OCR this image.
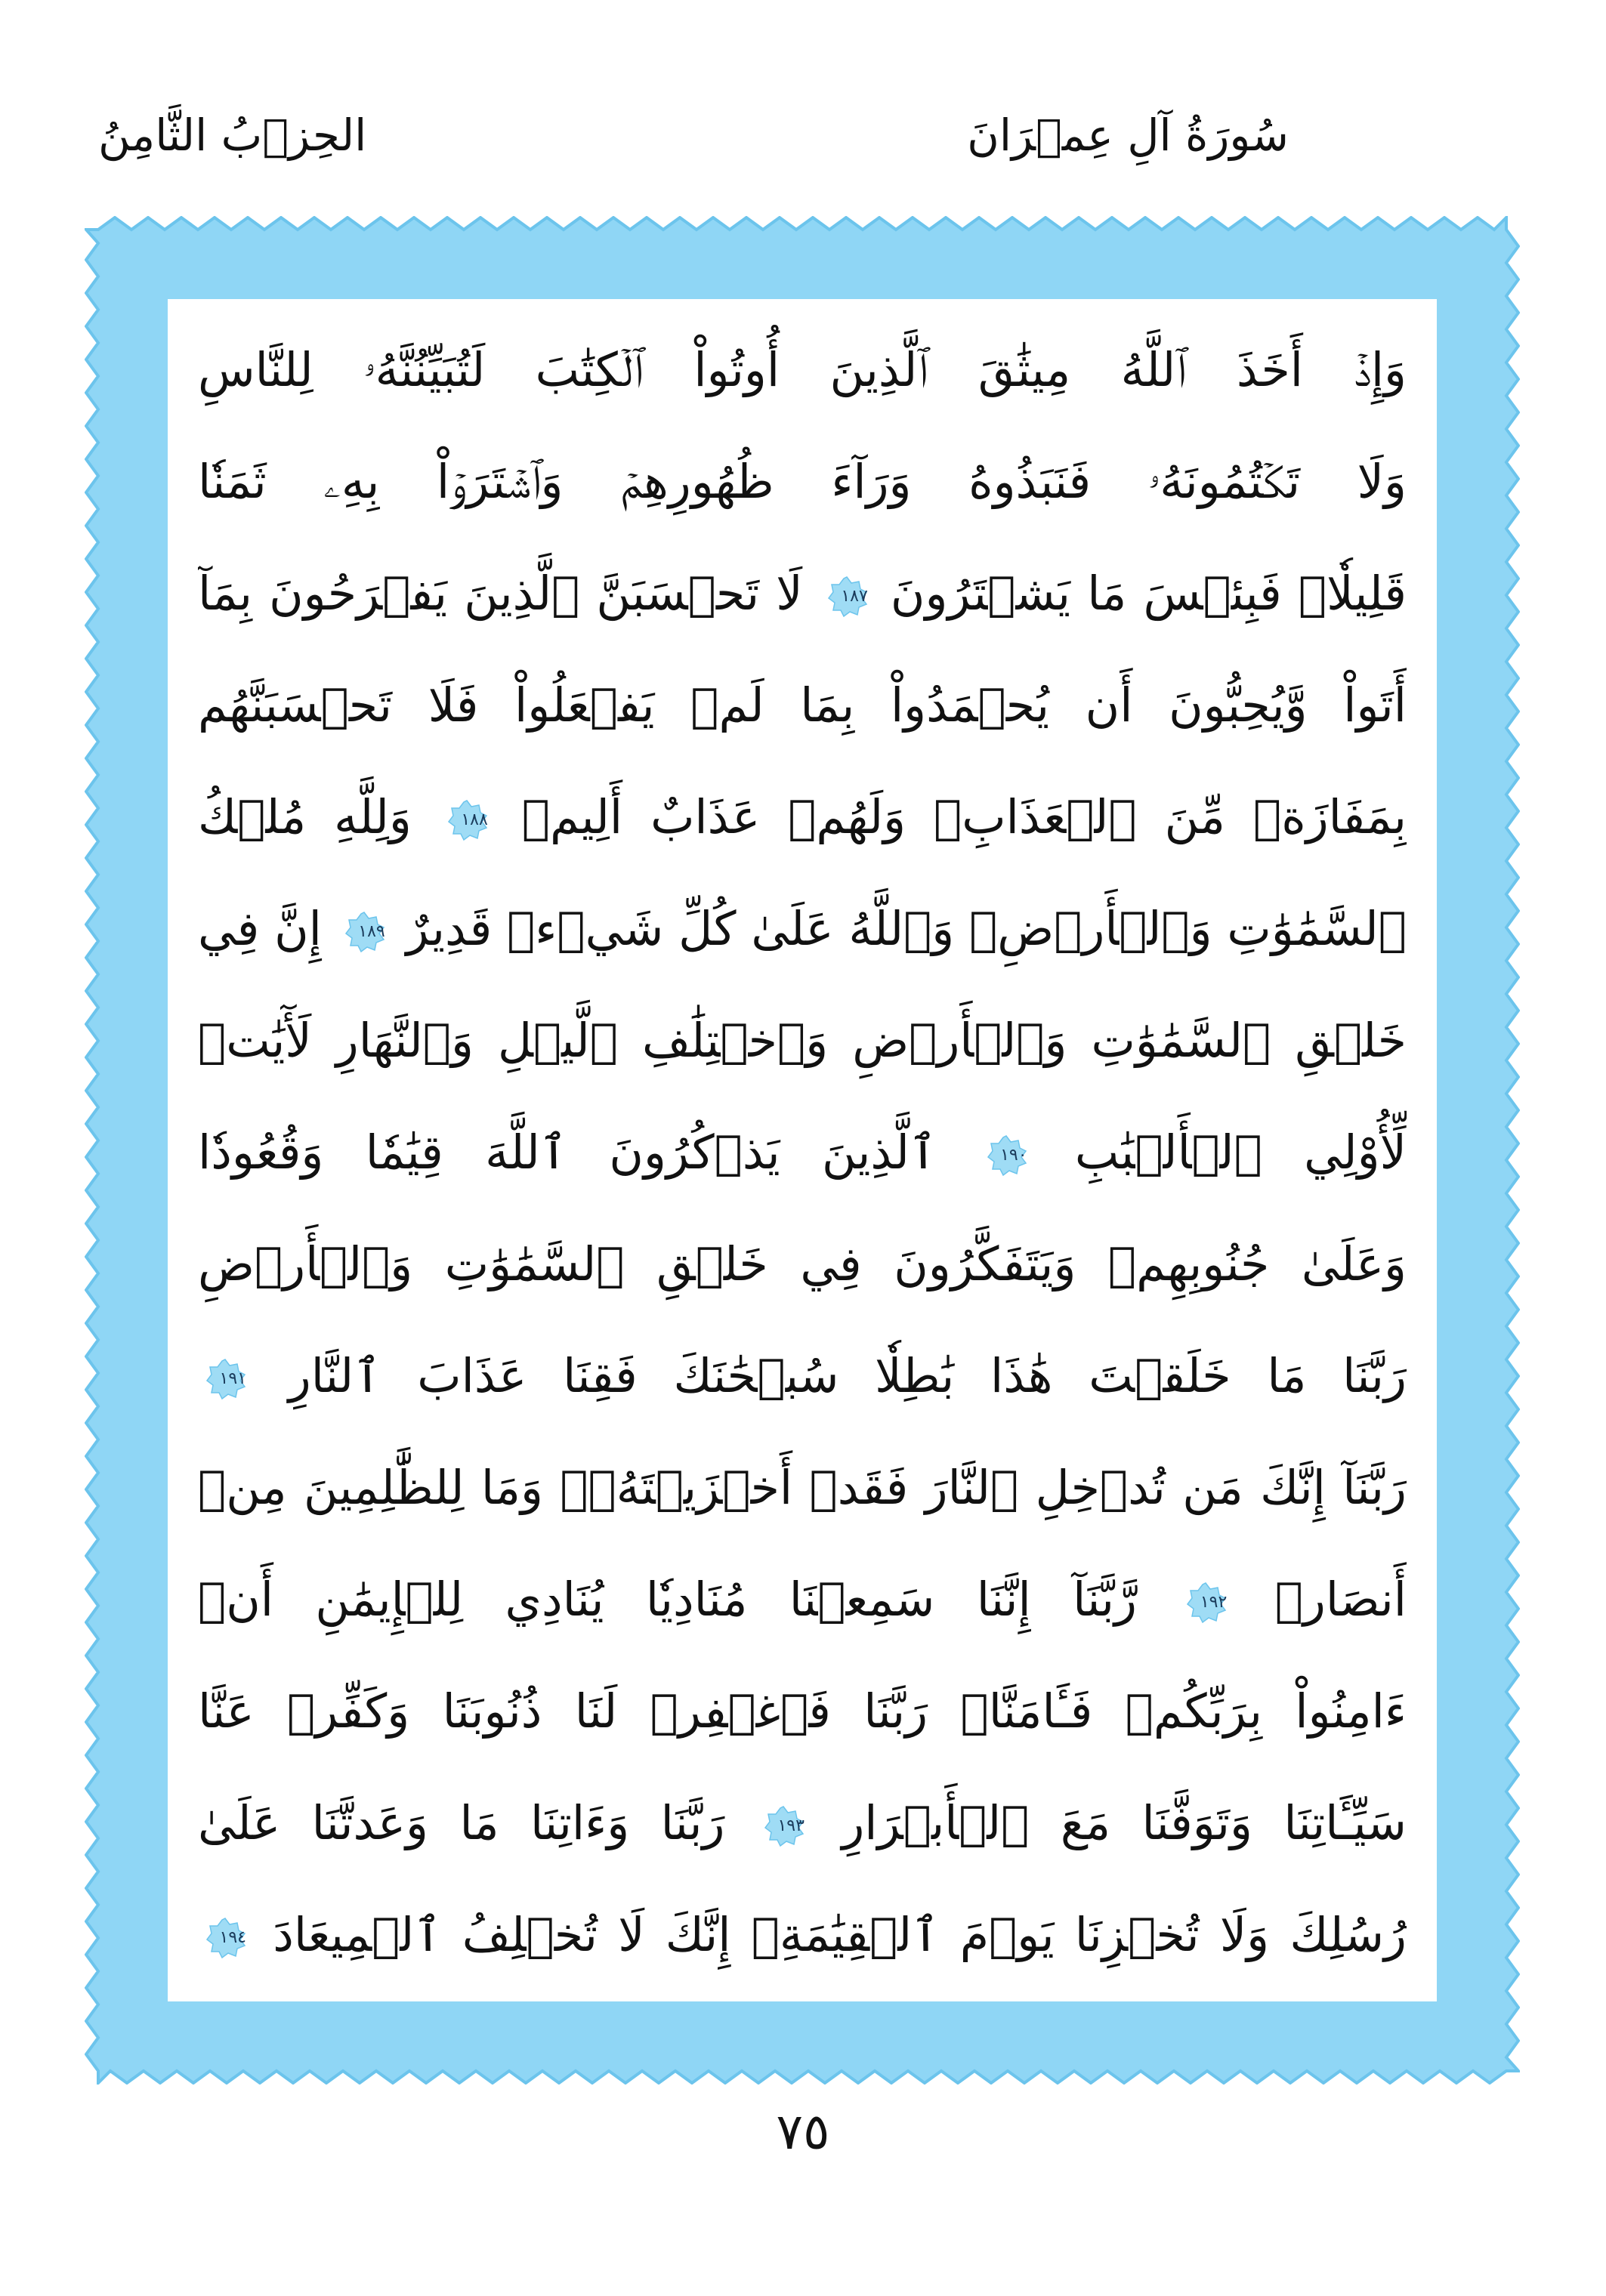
سُورَةُ آلِ عِمۡرَانَ
الحِزۡبُ الثَّامِنُ
وَإِذۡ أَخَذَ ٱللَّهُ مِيثَٰقَ ٱلَّذِينَ أُوتُواْ ٱلۡكِتَٰبَ لَتُبَيِّنُنَّهُۥ لِلنَّاسِ
وَلَا تَكۡتُمُونَهُۥ فَنَبَذُوهُ وَرَآءَ ظُهُورِهِمۡ وَٱشۡتَرَوۡاْ بِهِۦ ثَمَنٗا
قَلِيلٗاۖ فَبِئۡسَ مَا يَشۡتَرُونَ
١٨٧
لَا تَحۡسَبَنَّ ٱلَّذِينَ يَفۡرَحُونَ بِمَآ
أَتَواْ وَّيُحِبُّونَ أَن يُحۡمَدُواْ بِمَا لَمۡ يَفۡعَلُواْ فَلَا تَحۡسَبَنَّهُم
بِمَفَازَةٖ مِّنَ ٱلۡعَذَابِۖ وَلَهُمۡ عَذَابٌ أَلِيمٞ
١٨٨
وَلِلَّهِ مُلۡكُ
ٱلسَّمَٰوَٰتِ وَٱلۡأَرۡضِۗ وَٱللَّهُ عَلَىٰ كُلِّ شَيۡءٖ قَدِيرٌ
١٨٩
إِنَّ فِي
خَلۡقِ ٱلسَّمَٰوَٰتِ وَٱلۡأَرۡضِ وَٱخۡتِلَٰفِ ٱلَّيۡلِ وَٱلنَّهَارِ لَأٓيَٰتٖ
لِّأُوْلِي ٱلۡأَلۡبَٰبِ
١٩٠
ٱلَّذِينَ يَذۡكُرُونَ ٱللَّهَ قِيَٰمٗا وَقُعُودٗا
وَعَلَىٰ جُنُوبِهِمۡ وَيَتَفَكَّرُونَ فِي خَلۡقِ ٱلسَّمَٰوَٰتِ وَٱلۡأَرۡضِ
رَبَّنَا مَا خَلَقۡتَ هَٰذَا بَٰطِلٗا سُبۡحَٰنَكَ فَقِنَا عَذَابَ ٱلنَّارِ
١٩١
رَبَّنَآ إِنَّكَ مَن تُدۡخِلِ ٱلنَّارَ فَقَدۡ أَخۡزَيۡتَهُۥۖ وَمَا لِلظَّٰلِمِينَ مِنۡ
أَنصَارٖ
١٩٢
رَّبَّنَآ إِنَّنَا سَمِعۡنَا مُنَادِيٗا يُنَادِي لِلۡإِيمَٰنِ أَنۡ
ءَامِنُواْ بِرَبِّكُمۡ فَـَٔامَنَّاۚ رَبَّنَا فَٱغۡفِرۡ لَنَا ذُنُوبَنَا وَكَفِّرۡ عَنَّا
سَيِّـَٔاتِنَا وَتَوَفَّنَا مَعَ ٱلۡأَبۡرَارِ
١٩٣
رَبَّنَا وَءَاتِنَا مَا وَعَدتَّنَا عَلَىٰ
رُسُلِكَ وَلَا تُخۡزِنَا يَوۡمَ ٱلۡقِيَٰمَةِۖ إِنَّكَ لَا تُخۡلِفُ ٱلۡمِيعَادَ
١٩٤
٧٥
